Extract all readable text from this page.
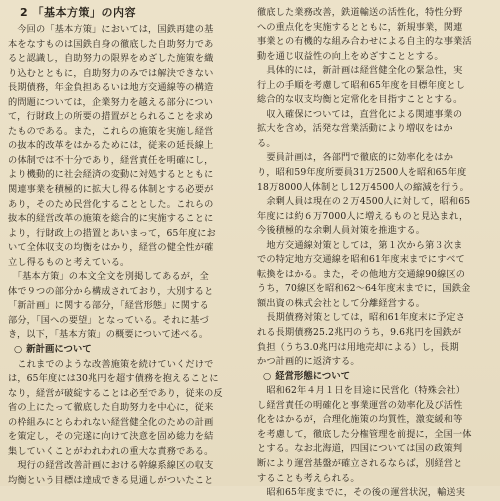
2 「基本方策」の内容

　今回の「基本方策」においては，国鉄再建の基
本をなすものは国鉄自身の徹底した自助努力であ
ると認識し，自助努力の限界をめざした施策を織
り込むとともに，自助努力のみでは解決できない
長期債務，年金負担あるいは地方交通線等の構造
的問題については，企業努力を越える部分につい
て，行財政上の所要の措置がとられることを求め
たものである。また，これらの施策を実施し経営
の抜本的改革をはかるためには，従来の延長線上
の体制では不十分であり，経営責任を明確にし，
より機動的に社会経済の変動に対処するとともに
関連事業を積極的に拡大し得る体制とする必要が
あり，そのため民営化することとした。これらの
抜本的経営改革の施策を総合的に実施することに
より，行財政上の措置とあいまって，65年度にお
いて全体収支の均衡をはかり，経営の健全性が確
立し得るものと考えている。

　「基本方策」の本文全文を別掲してあるが，全
体で９つの部分から構成されており，大別すると
「新計画」に関する部分，「経営形態」に関する
部分，「国への要望」となっている。それに基づ
き，以下，「基本方策」の概要について述べる。

○ 新計画について

　これまでのような改善施策を続けていくだけで
は，65年度には30兆円を超す債務を抱えることに
なり，経営が破綻することは必至であり，従来の反
省の上にたって徹底した自助努力を中心に，従来
の枠組みにとらわれない経営健全化のための計画
を策定し，その完遂に向けて決意を固め総力を結
集していくことがわれわれの重大な責務である。
　現行の経営改善計画における幹線系線区の収支
均衡という目標は達成できる見通しがついたこと

徹底した業務改善，鉄道輸送の活性化，特性分野
への重点化を実施するとともに，新規事業，関連
事業との有機的な組み合わせによる自主的な事業活
動を通じ収益性の向上をめざすこととする。
　具体的には，新計画は経営健全化の緊急性，実
行上の手順を考慮して昭和65年度を目標年度とし
総合的な収支均衡と定常化を目指すこととする。
　収入確保については，直営化による関連事業の
拡大を含め，活発な営業活動により増収をはか
る。
　要員計画は，各部門で徹底的に効率化をはか
り，昭和59年度所要員31万2500人を昭和65年度
18万8000人体制とし12万4500人の縮減を行う。
　余剰人員は現在の２万4500人に対して，昭和65
年度には約６万7000人に増えるものと見込まれ，
今後積極的な余剰人員対策を推進する。
　地方交通線対策としては，第１次から第３次ま
での特定地方交通線を昭和61年度末までにすべて
転換をはかる。また，その他地方交通線90線区の
うち，70線区を昭和62〜64年度末までに，国鉄金
額出資の株式会社として分離経営する。
　長期債務対策としては，昭和61年度末に予定さ
れる長期債務25.2兆円のうち，9.6兆円を国鉄が
負担（うち3.0兆円は用地売却による）し，長期
かつ計画的に返済する。

○ 経営形態について

　昭和62年４月１日を目途に民営化（特殊会社）
し経営責任の明確化と事業運営の効率化及び活性
化をはかるが，合理化施策の均質性，激変緩和等
を考慮して，徹底した分権管理を前提に，全国一体
とする。なお北海道，四国については国の政策判
断により運営基盤が確立されるならば，別経営と
することも考えられる。
　昭和65年度までに，その後の運営状況，輸送実
